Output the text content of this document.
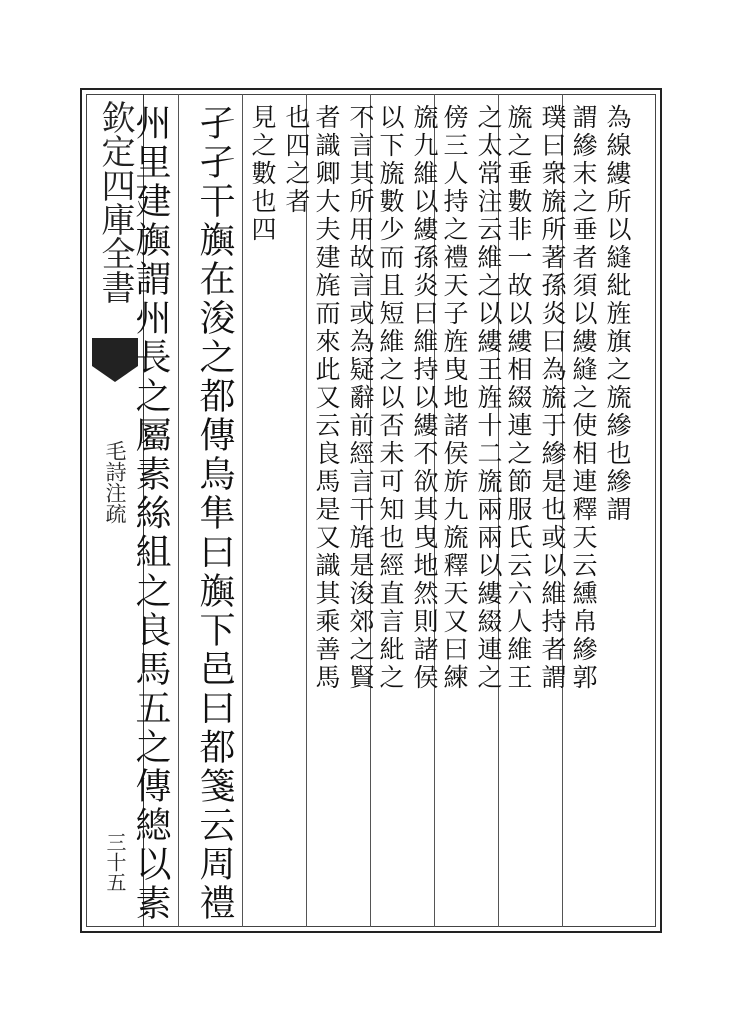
欽定四庫全書
毛詩注疏
三十五
為線縷所以縫紕旌旗之旒縿也縿謂
謂縿末之垂者須以縷縫之使相連釋天云纁帛縿郭
璞曰衆旒所著孫炎曰為旒于縿是也或以維持者謂
旒之垂數非一故以縷相綴連之節服氏云六人維王
之太常注云維之以縷王旌十二旒兩兩以縷綴連之
傍三人持之禮天子旌曳地諸侯旂九旒釋天又曰練
旒九維以縷孫炎曰維持以縷不欲其曳地然則諸侯
以下旒數少而且短維之以否未可知也經直言紕之
不言其所用故言或為疑辭前經言干旄是浚郊之賢
者識卿大夫建旄而來此又云良馬是又識其乘善馬
也四之者
見之數也四
孑孑干旟在浚之都傳鳥隼曰旟下邑曰都箋云周禮
州里建旟謂州長之屬素絲組之良馬五之傳總以素
